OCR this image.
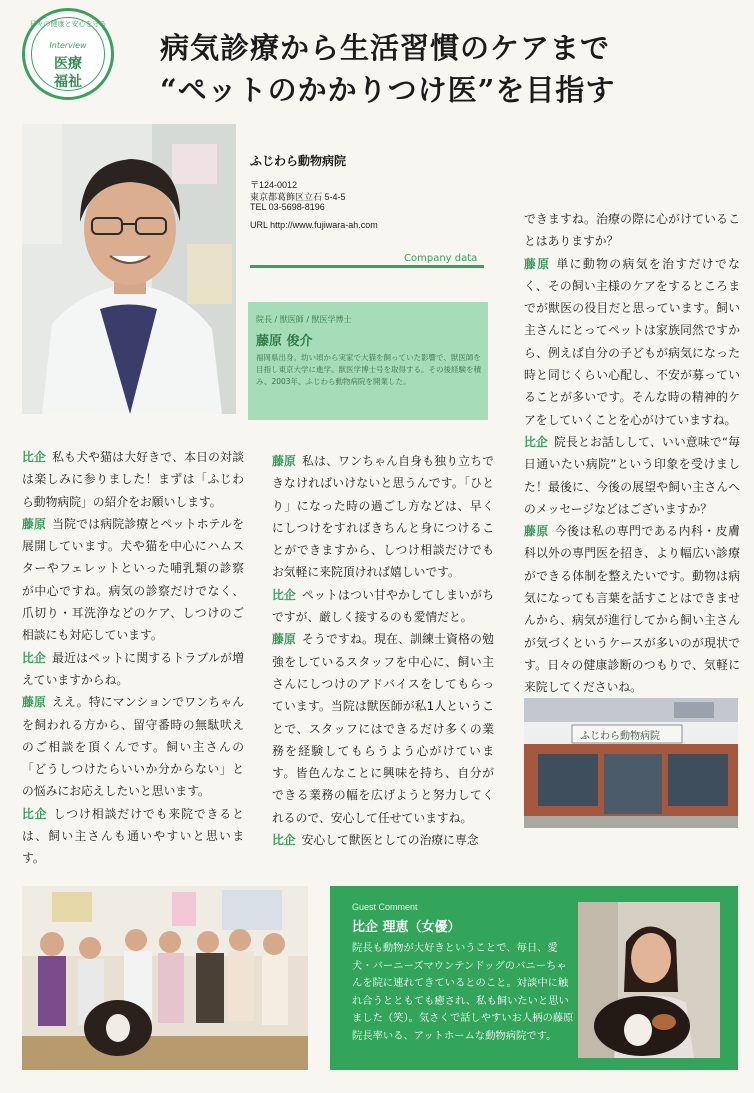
日々の健康と安心を守る
Interview
医療
福祉
病気診療から生活習慣のケアまで
“ペットのかかりつけ医”を目指す
ふじわら動物病院
〒124-0012
東京都葛飾区立石 5-4-5
TEL 03-5698-8196
URL http://www.fujiwara-ah.com
Company data
院長 / 獣医師 / 獣医学博士
藤原 俊介
福岡県出身。幼い頃から実家で大猫を飼っていた影響で、獣医師を目指し東京大学に進学。獣医学博士号を取得する。その後経験を積み、2003年、ふじわら動物病院を開業した。

比企 私も犬や猫は大好きで、本日の対談は楽しみに参りました！まずは「ふじわら動物病院」の紹介をお願いします。

藤原 当院では病院診療とペットホテルを展開しています。犬や猫を中心にハムスターやフェレットといった哺乳類の診察が中心ですね。病気の診察だけでなく、爪切り・耳洗浄などのケア、しつけのご相談にも対応しています。

比企 最近はペットに関するトラブルが増えていますからね。

藤原 ええ。特にマンションでワンちゃんを飼われる方から、留守番時の無駄吠えのご相談を頂くんです。飼い主さんの「どうしつけたらいいか分からない」との悩みにお応えしたいと思います。

比企 しつけ相談だけでも来院できるとは、飼い主さんも通いやすいと思います。

藤原 私は、ワンちゃん自身も独り立ちできなければいけないと思うんです。「ひとり」になった時の過ごし方などは、早くにしつけをすればきちんと身につけることができますから、しつけ相談だけでもお気軽に来院頂ければ嬉しいです。

比企 ペットはつい甘やかしてしまいがちですが、厳しく接するのも愛情だと。

藤原 そうですね。現在、訓練士資格の勉強をしているスタッフを中心に、飼い主さんにしつけのアドバイスをしてもらっています。当院は獣医師が私1人ということで、スタッフにはできるだけ多くの業務を経験してもらうよう心がけています。皆色んなことに興味を持ち、自分ができる業務の幅を広げようと努力してくれるので、安心して任せていますね。

比企 安心して獣医としての治療に専念

できますね。治療の際に心がけていることはありますか？

藤原 単に動物の病気を治すだけでなく、その飼い主様のケアをするところまでが獣医の役目だと思っています。飼い主さんにとってペットは家族同然ですから、例えば自分の子どもが病気になった時と同じくらい心配し、不安が募っていることが多いです。そんな時の精神的ケアをしていくことを心がけていますね。

比企 院長とお話しして、いい意味で“毎日通いたい病院”という印象を受けました！最後に、今後の展望や飼い主さんへのメッセージなどはございますか？

藤原 今後は私の専門である内科・皮膚科以外の専門医を招き、より幅広い診療ができる体制を整えたいです。動物は病気になっても言葉を話すことはできませんから、病気が進行してから飼い主さんが気づくというケースが多いのが現状です。日々の健康診断のつもりで、気軽に来院してくださいね。

ふじわら動物病院
Guest Comment
比企 理恵（女優）
院長も動物が大好きということで、毎日、愛犬・バーニーズマウンテンドッグのバニーちゃんを院に連れてきているとのこと。対談中に触れ合うとともても癒され、私も飼いたいと思いました（笑）。気さくで話しやすいお人柄の藤原院長率いる、アットホームな動物病院です。
